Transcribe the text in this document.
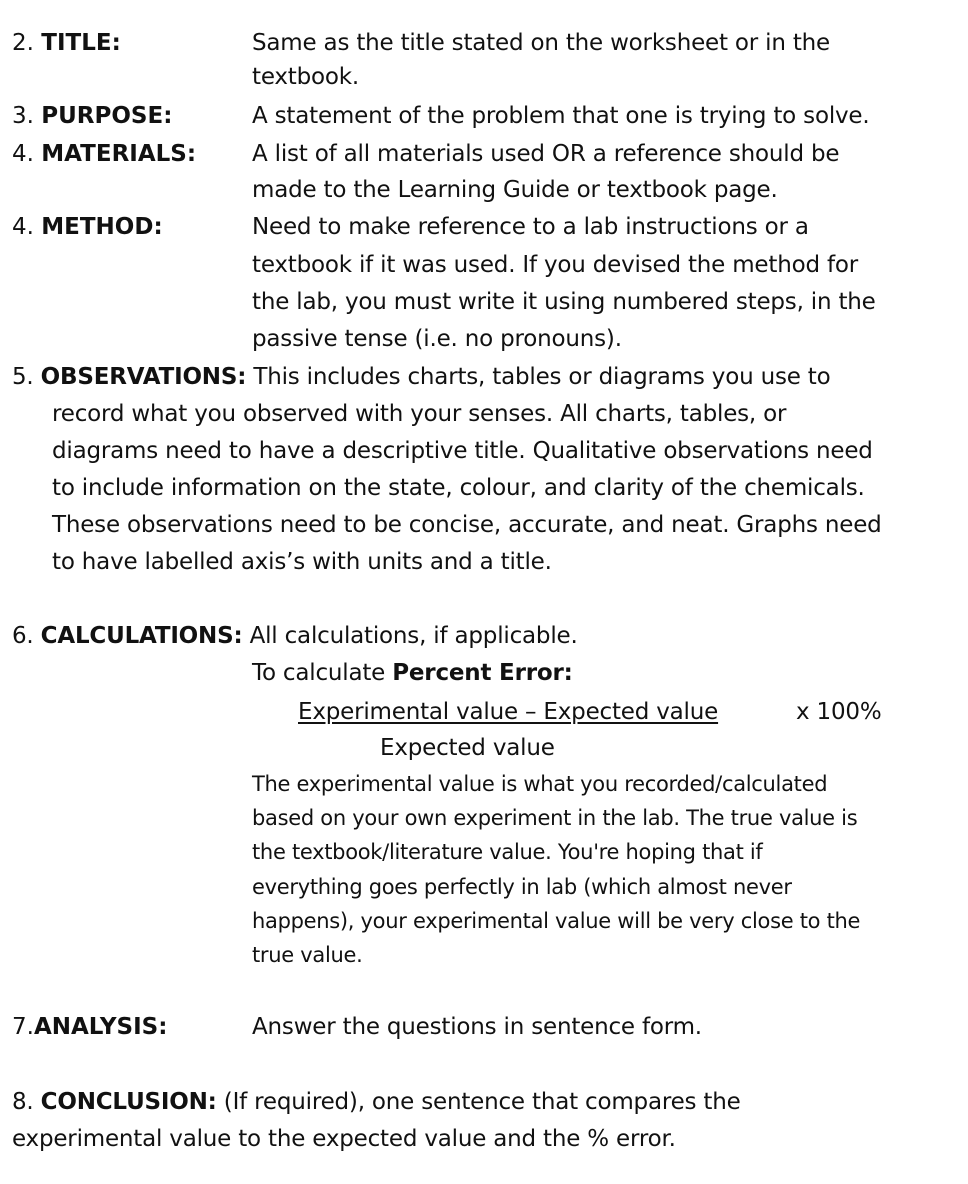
2. TITLE:	Same as the title stated on the worksheet or in the
textbook.
3. PURPOSE:	A statement of the problem that one is trying to solve.
4. MATERIALS: A list of all materials used OR a reference should be
made to the Learning Guide or textbook page.
4. METHOD:	Need to make reference to a lab instructions or a
textbook if it was used. If you devised the method for
the lab, you must write it using numbered steps, in the
passive tense (i.e. no pronouns).
5. OBSERVATIONS: This includes charts, tables or diagrams you use to
record what you observed with your senses. All charts, tables, or
diagrams need to have a descriptive title. Qualitative observations need
to include information on the state, colour, and clarity of the chemicals.
These observations need to be concise, accurate, and neat. Graphs need
to have labelled axis’s with units and a title.
6. CALCULATIONS: All calculations, if applicable.
To calculate Percent Error:
Experimental value – Expected value	x 100%
Expected value
The experimental value is what you recorded/calculated
based on your own experiment in the lab. The true value is
the textbook/literature value. You're hoping that if
everything goes perfectly in lab (which almost never
happens), your experimental value will be very close to the
true value.
7.ANALYSIS:	Answer the questions in sentence form.
8. CONCLUSION: (If required), one sentence that compares the
experimental value to the expected value and the % error.
